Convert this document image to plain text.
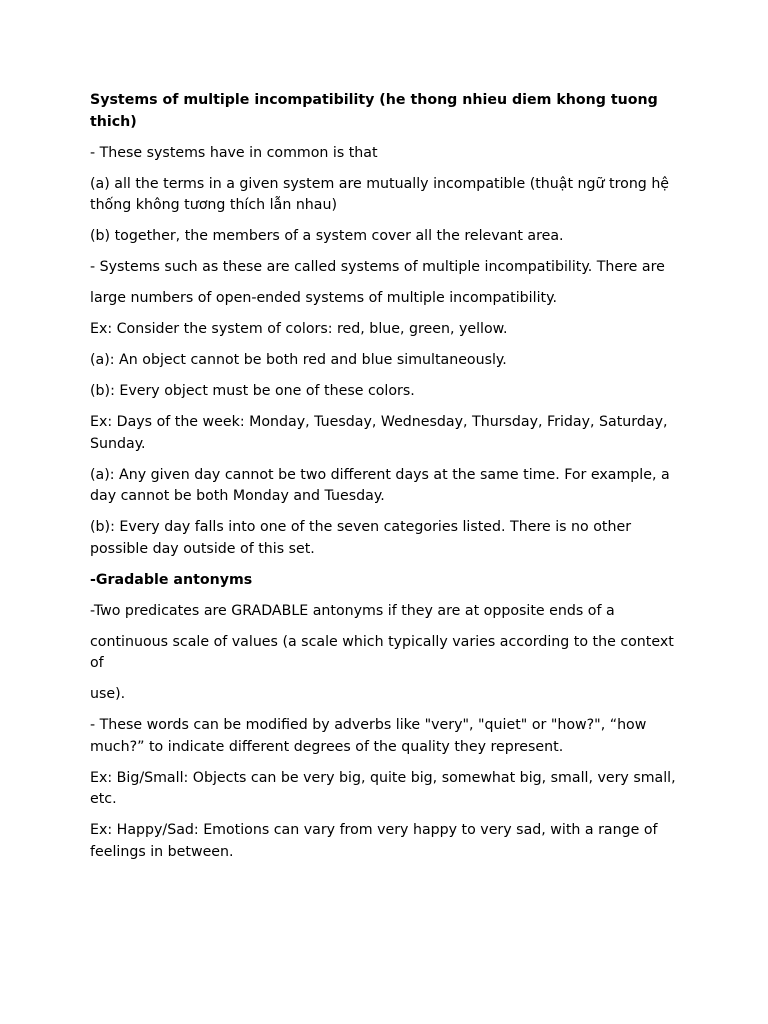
Systems of multiple incompatibility (he thong nhieu diem khong tuong thich)

- These systems have in common is that

(a) all the terms in a given system are mutually incompatible (thuật ngữ trong hệ thống không tương thích lẫn nhau)

(b) together, the members of a system cover all the relevant area.

- Systems such as these are called systems of multiple incompatibility. There are

large numbers of open-ended systems of multiple incompatibility.

Ex: Consider the system of colors: red, blue, green, yellow.

(a): An object cannot be both red and blue simultaneously.

(b): Every object must be one of these colors.

Ex: Days of the week: Monday, Tuesday, Wednesday, Thursday, Friday, Saturday, Sunday.

(a): Any given day cannot be two different days at the same time. For example, a day cannot be both Monday and Tuesday.

(b): Every day falls into one of the seven categories listed. There is no other possible day outside of this set.

-Gradable antonyms

-Two predicates are GRADABLE antonyms if they are at opposite ends of a

continuous scale of values (a scale which typically varies according to the context of

use).

- These words can be modified by adverbs like "very", "quiet" or "how?", “how much?” to indicate different degrees of the quality they represent.

Ex: Big/Small: Objects can be very big, quite big, somewhat big, small, very small, etc.

Ex: Happy/Sad: Emotions can vary from very happy to very sad, with a range of feelings in between.
